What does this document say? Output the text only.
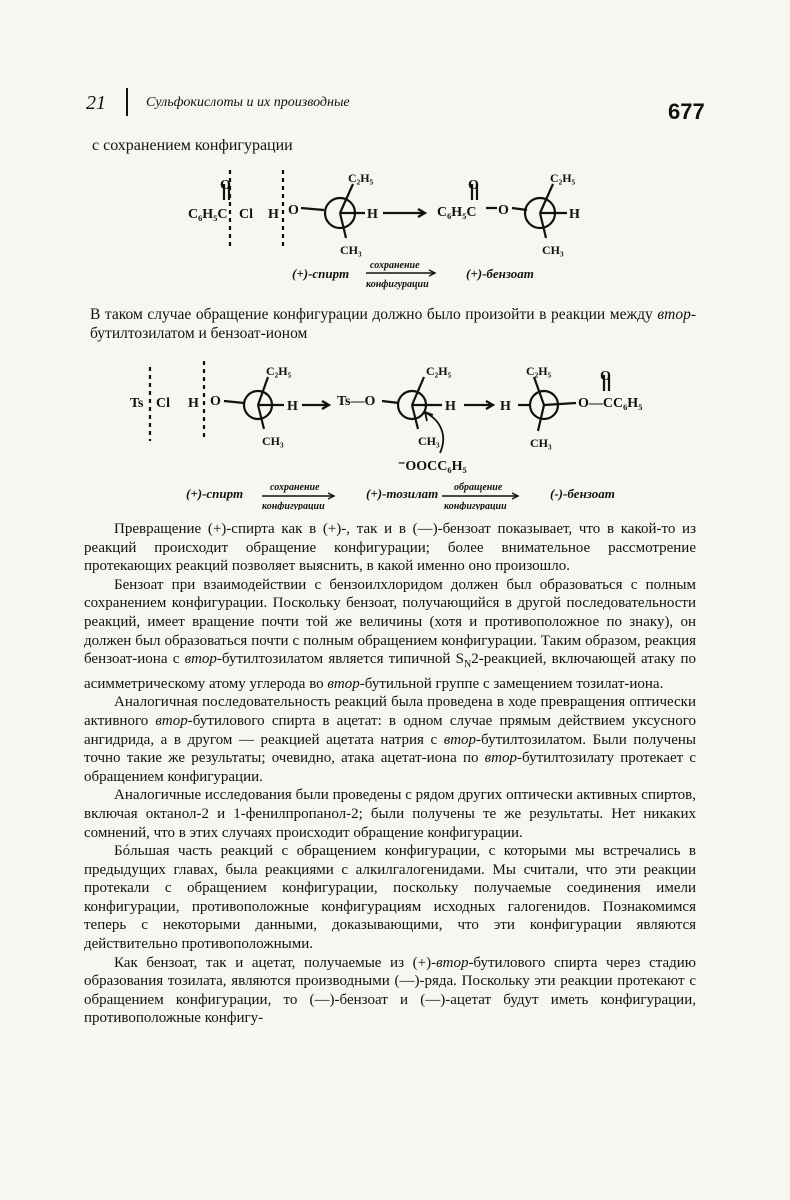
21	Сульфокислоты и их производные	677
с сохранением конфигурации
O
C₆H₅C Cl H O
C₂H₅
H
CH₃
O
C₆H₅C O
C₂H₅
H
CH₃
(+)-спирт
сохранение
конфигурации
(+)-бензоат
В таком случае обращение конфигурации должно было произойти в реакции между втор-бутилтозилатом и бензоат-ионом
Ts Cl H O
C₂H₅
H
CH₃
Ts—O
C₂H₅
H
CH₃
⁻OOCC₆H₅
H
C₂H₅
O—CC₆H₅
O
CH₃
(+)-спирт	сохранение
конфигурации
(+)-тозилат обращение
конфигурации
(-)-бензоат

Превращение (+)-спирта как в (+)-, так и в (—)-бензоат показывает, что в какой-то из реакций происходит обращение конфигурации; более внимательное рассмотрение протекающих реакций позволяет выяснить, в какой именно оно произошло.

Бензоат при взаимодействии с бензоилхлоридом должен был образоваться с полным сохранением конфигурации. Поскольку бензоат, получающийся в другой последовательности реакций, имеет вращение почти той же величины (хотя и противоположное по знаку), он должен был образоваться почти с полным обращением конфигурации. Таким образом, реакция бензоат-иона с втор-бутилтозилатом является типичной $S_N2$-реакцией, включающей атаку по асимметрическому атому углерода во втор-бутильной группе с замещением тозилат-иона.

Аналогичная последовательность реакций была проведена в ходе превращения оптически активного втор-бутилового спирта в ацетат: в одном случае прямым действием уксусного ангидрида, а в другом — реакцией ацетата натрия с втор-бутилтозилатом. Были получены точно такие же результаты; очевидно, атака ацетат-иона по втор-бутилтозилату протекает с обращением конфигурации.

Аналогичные исследования были проведены с рядом других оптически активных спиртов, включая октанол-2 и 1-фенилпропанол-2; были получены те же результаты. Нет никаких сомнений, что в этих случаях происходит обращение конфигурации.

Бóльшая часть реакций с обращением конфигурации, с которыми мы встречались в предыдущих главах, была реакциями с алкилгалогенидами. Мы считали, что эти реакции протекали с обращением конфигурации, поскольку получаемые соединения имели конфигурации, противоположные конфигурациям исходных галогенидов. Познакомимся теперь с некоторыми данными, доказывающими, что эти конфигурации являются действительно противоположными.

Как бензоат, так и ацетат, получаемые из (+)-втор-бутилового спирта через стадию образования тозилата, являются производными (—)-ряда. Поскольку эти реакции протекают с обращением конфигурации, то (—)-бензоат и (—)-ацетат будут иметь конфигурации, противоположные конфигу-
